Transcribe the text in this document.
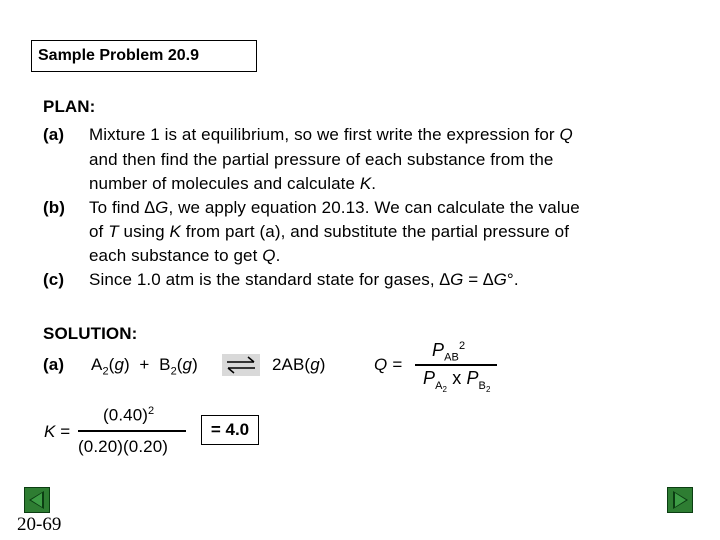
Sample Problem 20.9
PLAN:
(a) Mixture 1 is at equilibrium, so we first write the expression for Q
and then find the partial pressure of each substance from the
number of molecules and calculate K.
(b) To find ∆G, we apply equation 20.13. We can calculate the value
of T using K from part (a), and substitute the partial pressure of
each substance to get Q.
(c) Since 1.0 atm is the standard state for gases, ∆G = ∆G°.
SOLUTION:
(a) $A_2(g) + B_2(g)$	2AB(g)	Q =
$P_{AB}^2$
$P_{A_2}$ x $P_{B_2}$
K =
$(0.40)^2$
(0.20)(0.20)
= 4.0
20-69
